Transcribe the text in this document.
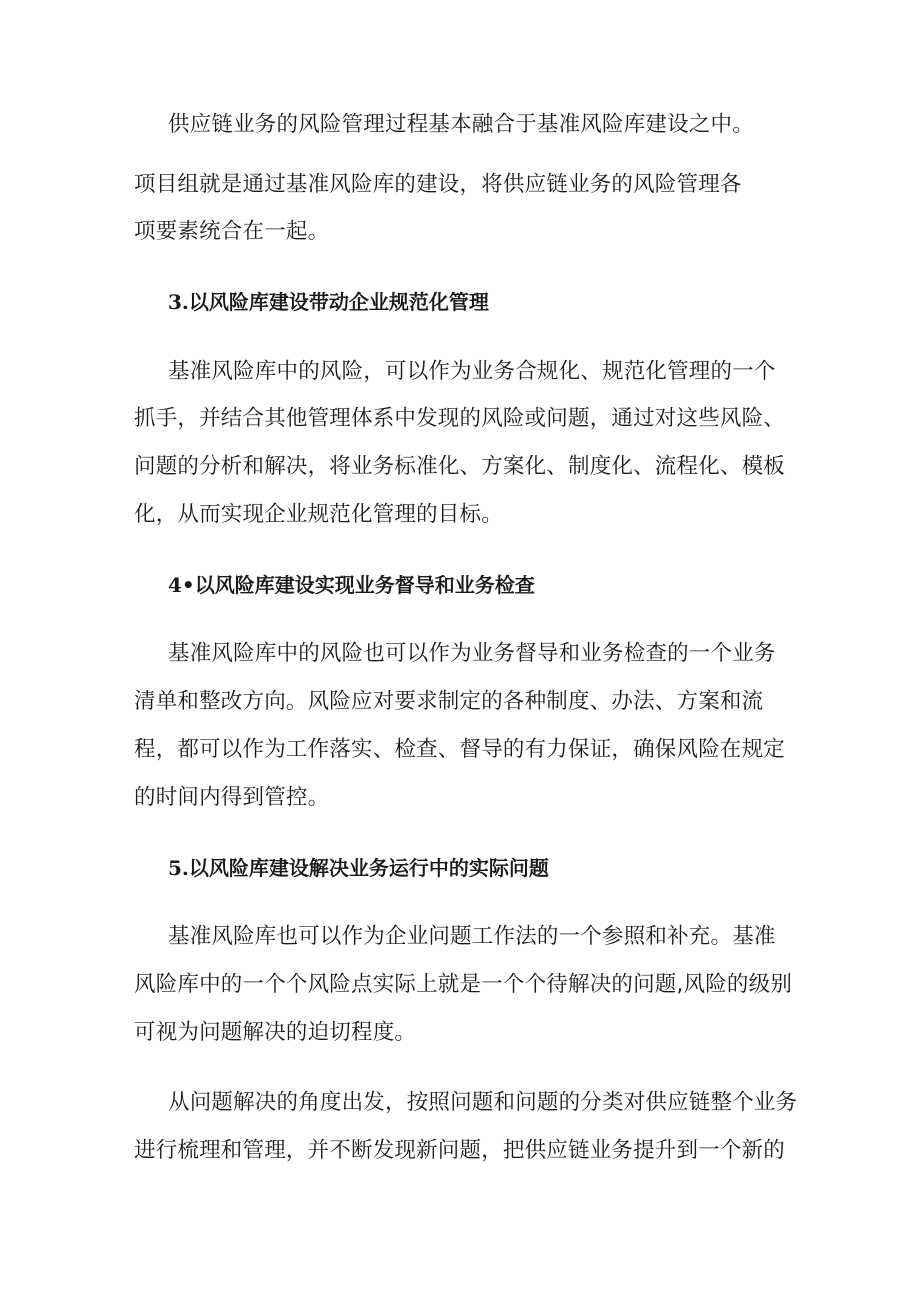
供应链业务的风险管理过程基本融合于基准风险库建设之中。
项目组就是通过基准风险库的建设，将供应链业务的风险管理各
项要素统合在一起。
3.以风险库建设带动企业规范化管理
基准风险库中的风险，可以作为业务合规化、规范化管理的一个
抓手，并结合其他管理体系中发现的风险或问题，通过对这些风险、
问题的分析和解决，将业务标准化、方案化、制度化、流程化、模板
化，从而实现企业规范化管理的目标。
4•以风险库建设实现业务督导和业务检查
基准风险库中的风险也可以作为业务督导和业务检查的一个业务
清单和整改方向。风险应对要求制定的各种制度、办法、方案和流
程，都可以作为工作落实、检查、督导的有力保证，确保风险在规定
的时间内得到管控。
5.以风险库建设解决业务运行中的实际问题
基准风险库也可以作为企业问题工作法的一个参照和补充。基准
风险库中的一个个风险点实际上就是一个个待解决的问题,风险的级别
可视为问题解决的迫切程度。
从问题解决的角度出发，按照问题和问题的分类对供应链整个业务
进行梳理和管理，并不断发现新问题，把供应链业务提升到一个新的
